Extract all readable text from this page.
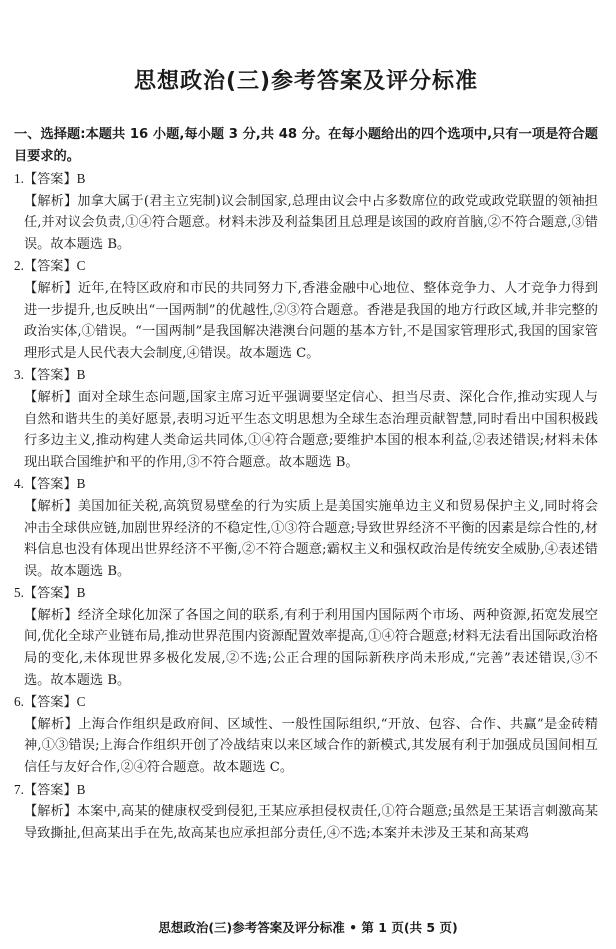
思想政治(三)参考答案及评分标准
一、选择题:本题共 16 小题,每小题 3 分,共 48 分。在每小题给出的四个选项中,只有一项是符合题目要求的。

1.【答案】B

【解析】加拿大属于(君主立宪制)议会制国家,总理由议会中占多数席位的政党或政党联盟的领袖担任,并对议会负责,①④符合题意。材料未涉及利益集团且总理是该国的政府首脑,②不符合题意,③错误。故本题选 B。

2.【答案】C

【解析】近年,在特区政府和市民的共同努力下,香港金融中心地位、整体竞争力、人才竞争力得到进一步提升,也反映出“一国两制”的优越性,②③符合题意。香港是我国的地方行政区域,并非完整的政治实体,①错误。“一国两制”是我国解决港澳台问题的基本方针,不是国家管理形式,我国的国家管理形式是人民代表大会制度,④错误。故本题选 C。

3.【答案】B

【解析】面对全球生态问题,国家主席习近平强调要坚定信心、担当尽责、深化合作,推动实现人与自然和谐共生的美好愿景,表明习近平生态文明思想为全球生态治理贡献智慧,同时看出中国积极践行多边主义,推动构建人类命运共同体,①④符合题意;要维护本国的根本利益,②表述错误;材料未体现出联合国维护和平的作用,③不符合题意。故本题选 B。

4.【答案】B

【解析】美国加征关税,高筑贸易壁垒的行为实质上是美国实施单边主义和贸易保护主义,同时将会冲击全球供应链,加剧世界经济的不稳定性,①③符合题意;导致世界经济不平衡的因素是综合性的,材料信息也没有体现出世界经济不平衡,②不符合题意;霸权主义和强权政治是传统安全威胁,④表述错误。故本题选 B。

5.【答案】B

【解析】经济全球化加深了各国之间的联系,有利于利用国内国际两个市场、两种资源,拓宽发展空间,优化全球产业链布局,推动世界范围内资源配置效率提高,①④符合题意;材料无法看出国际政治格局的变化,未体现世界多极化发展,②不选;公正合理的国际新秩序尚未形成,“完善”表述错误,③不选。故本题选 B。

6.【答案】C

【解析】上海合作组织是政府间、区域性、一般性国际组织,“开放、包容、合作、共赢”是金砖精神,①③错误;上海合作组织开创了冷战结束以来区域合作的新模式,其发展有利于加强成员国间相互信任与友好合作,②④符合题意。故本题选 C。

7.【答案】B

【解析】本案中,高某的健康权受到侵犯,王某应承担侵权责任,①符合题意;虽然是王某语言刺激高某导致撕扯,但高某出手在先,故高某也应承担部分责任,④不选;本案并未涉及王某和高某鸡

思想政治(三)参考答案及评分标准 • 第 1 页(共 5 页)
